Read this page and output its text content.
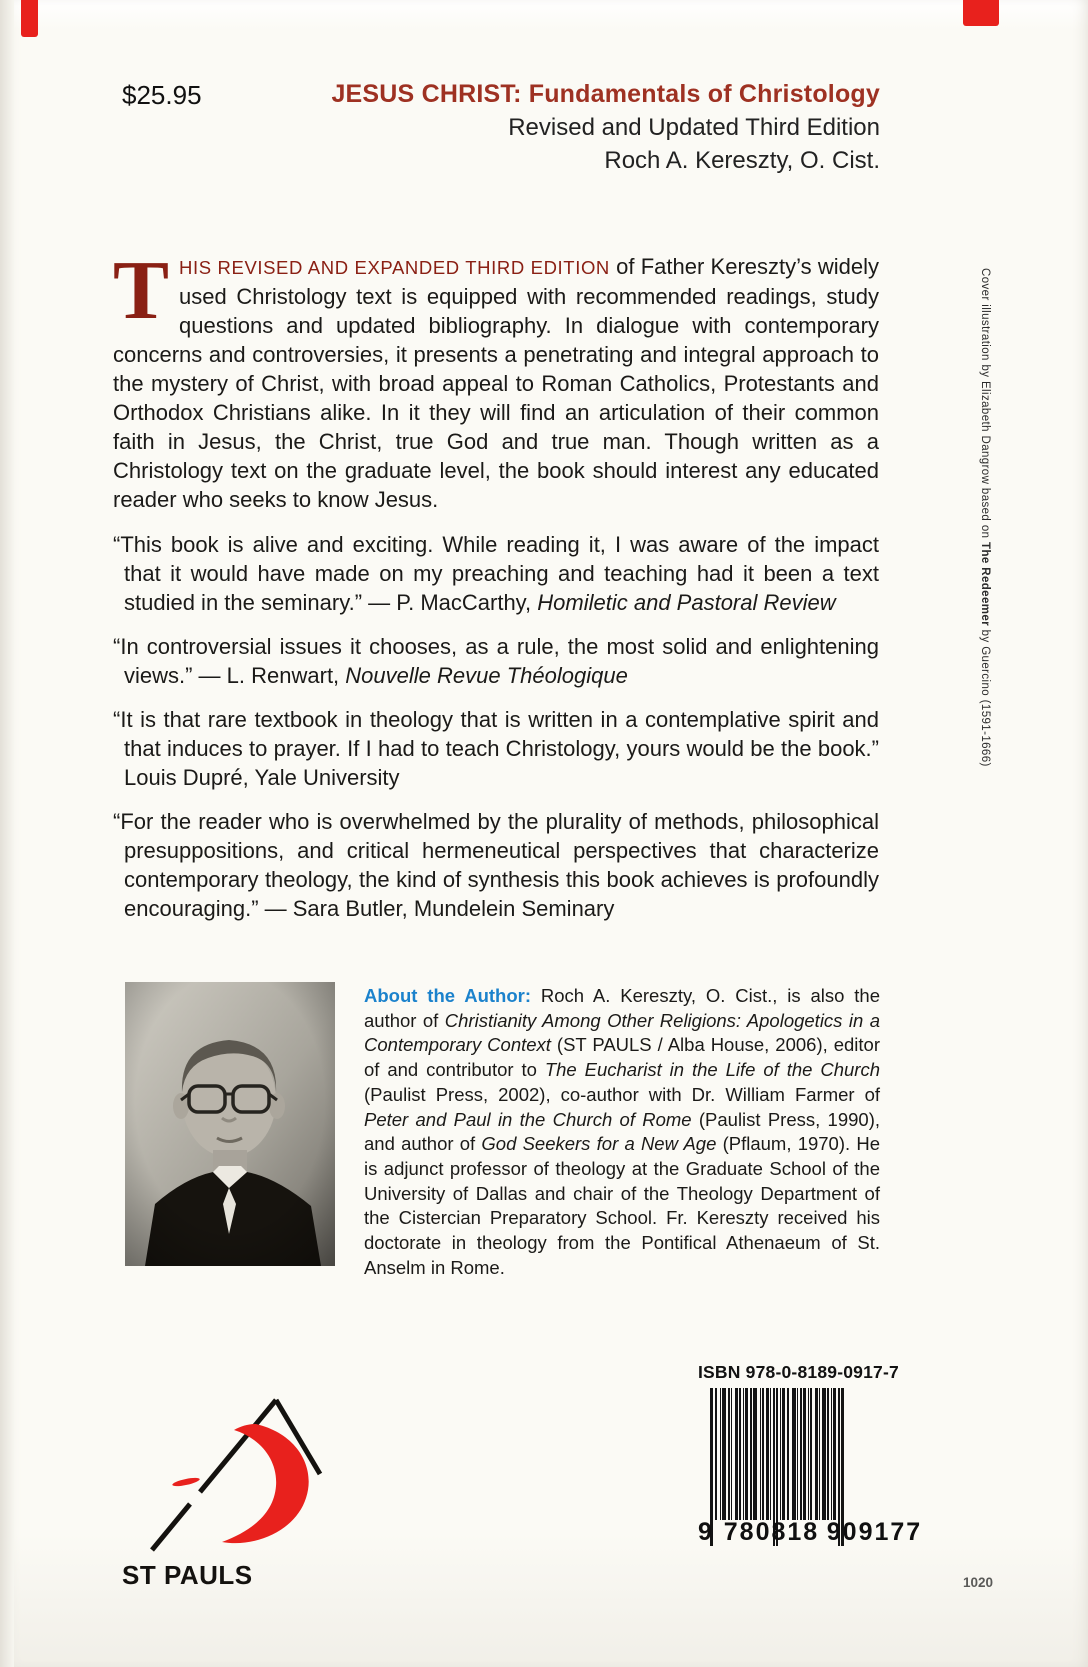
$25.95	JESUS CHRIST: Fundamentals of Christology
Revised and Updated Third Edition
Roch A. Kereszty, O. Cist.

THIS REVISED AND EXPANDED THIRD EDITION of Father Kereszty’s widely used Christology text is equipped with recommended readings, study questions and updated bibliography. In dialogue with contemporary concerns and controversies, it presents a penetrating and integral approach to the mystery of Christ, with broad appeal to Roman Catholics, Protestants and Orthodox Christians alike. In it they will find an articulation of their common faith in Jesus, the Christ, true God and true man. Though written as a Christology text on the graduate level, the book should interest any educated reader who seeks to know Jesus.

“This book is alive and exciting. While reading it, I was aware of the impact that it would have made on my preaching and teaching had it been a text studied in the seminary.” — P. MacCarthy, Homiletic and Pastoral Review

“In controversial issues it chooses, as a rule, the most solid and enlightening views.” — L. Renwart, Nouvelle Revue Théologique

“It is that rare textbook in theology that is written in a contemplative spirit and that induces to prayer. If I had to teach Christology, yours would be the book.” Louis Dupré, Yale University

“For the reader who is overwhelmed by the plurality of methods, philosophical presuppositions, and critical hermeneutical perspectives that characterize contemporary theology, the kind of synthesis this book achieves is profoundly encouraging.” — Sara Butler, Mundelein Seminary

About the Author: Roch A. Kereszty, O. Cist., is also the author of Christianity Among Other Religions: Apologetics in a Contemporary Context (ST PAULS / Alba House, 2006), editor of and contributor to The Eucharist in the Life of the Church (Paulist Press, 2002), co-author with Dr. William Farmer of Peter and Paul in the Church of Rome (Paulist Press, 1990), and author of God Seekers for a New Age (Pflaum, 1970). He is adjunct professor of theology at the Graduate School of the University of Dallas and chair of the Theology Department of the Cistercian Preparatory School. Fr. Kereszty received his doctorate in theology from the Pontifical Athenaeum of St. Anselm in Rome.
ST PAULS
ISBN 978-0-8189-0917-7
9 780818 909177
1020
Cover illustration by Elizabeth Dangrow based on The Redeemer by Guercino (1591-1666)
